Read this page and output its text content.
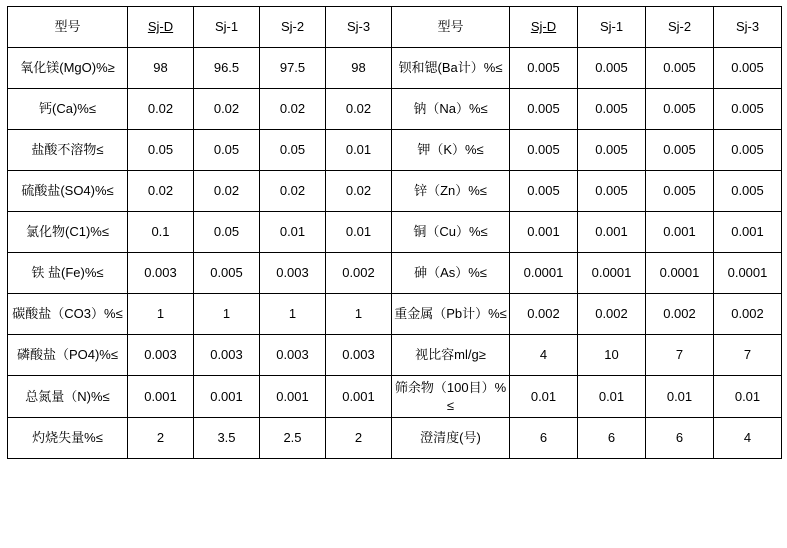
型号	Sj-D	Sj-1	Sj-2	Sj-3	型号	Sj-D	Sj-1	Sj-2	Sj-3
氧化镁(MgO)%≥	98	96.5	97.5	98	钡和锶(Ba计）%≤	0.005	0.005	0.005	0.005
钙(Ca)%≤	0.02	0.02	0.02	0.02	钠（Na）%≤	0.005	0.005	0.005	0.005
盐酸不溶物≤	0.05	0.05	0.05	0.01	钾（K）%≤	0.005	0.005	0.005	0.005
硫酸盐(SO4)%≤	0.02	0.02	0.02	0.02	锌（Zn）%≤	0.005	0.005	0.005	0.005
氯化物(C1)%≤	0.1	0.05	0.01	0.01	铜（Cu）%≤	0.001	0.001	0.001	0.001
铁 盐(Fe)%≤	0.003	0.005	0.003	0.002	砷（As）%≤	0.0001	0.0001	0.0001	0.0001
碳酸盐（CO3）%≤	1	1	1	1	重金属（Pb计）%≤	0.002	0.002	0.002	0.002
磷酸盐（PO4)%≤	0.003	0.003	0.003	0.003	视比容ml/g≥	4	10	7	7
总氮量（N)%≤	0.001	0.001	0.001	0.001	筛余物（100目）%≤	0.01	0.01	0.01	0.01
灼烧失量%≤	2	3.5	2.5	2	澄清度(号)	6	6	6	4
